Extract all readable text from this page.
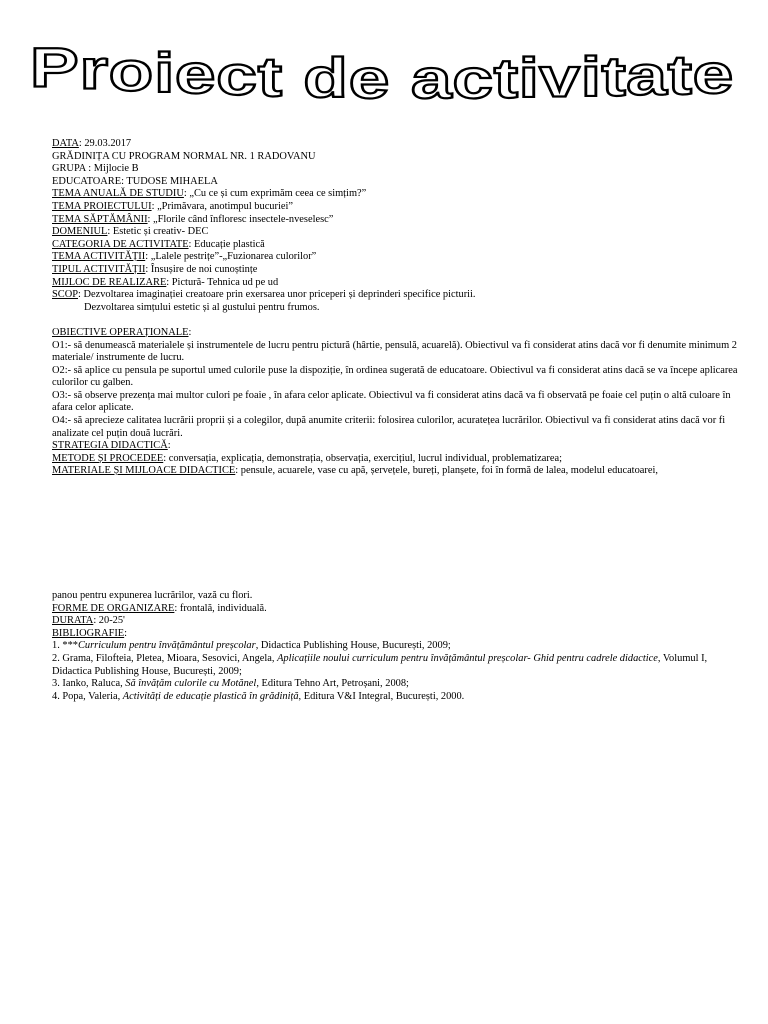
Proiect de activitate
DATA: 29.03.2017
GRĂDINIȚA CU PROGRAM NORMAL NR. 1 RADOVANU
GRUPA : Mijlocie B
EDUCATOARE: TUDOSE MIHAELA
TEMA ANUALĂ DE STUDIU: „Cu ce și cum exprimăm ceea ce simțim?”
TEMA PROIECTULUI: „Primăvara, anotimpul bucuriei”
TEMA SĂPTĂMÂNII: „Florile când înfloresc insectele-nveselesc”
DOMENIUL: Estetic și creativ- DEC
CATEGORIA DE ACTIVITATE: Educație plastică
TEMA ACTIVITĂȚII: „Lalele pestrițe”-„Fuzionarea culorilor”
TIPUL ACTIVITĂȚII: Însușire de noi cunoștințe
MIJLOC DE REALIZARE: Pictură- Tehnica ud pe ud
SCOP: Dezvoltarea imaginației creatoare prin exersarea unor priceperi și deprinderi specifice picturii.
Dezvoltarea simțului estetic și al gustului pentru frumos.
OBIECTIVE OPERAȚIONALE:
O1:- să denumească materialele și instrumentele de lucru pentru pictură (hârtie, pensulă, acuarelă). Obiectivul va fi considerat atins dacă vor fi denumite minimum 2 materiale/ instrumente de lucru.
O2:- să aplice cu pensula pe suportul umed culorile puse la dispoziție, în ordinea sugerată de educatoare. Obiectivul va fi considerat atins dacă se va începe aplicarea culorilor cu galben.
O3:- să observe prezența mai multor culori pe foaie , în afara celor aplicate. Obiectivul va fi considerat atins dacă va fi observată pe foaie cel puțin o altă culoare în afara celor aplicate.
O4:- să aprecieze calitatea lucrării proprii și a colegilor, după anumite criterii: folosirea culorilor, acuratețea lucrărilor. Obiectivul va fi considerat atins dacă vor fi analizate cel puțin două lucrări.
STRATEGIA DIDACTICĂ:
METODE ȘI PROCEDEE: conversația, explicația, demonstrația, observația, exercițiul, lucrul individual, problematizarea;
MATERIALE ȘI MIJLOACE DIDACTICE: pensule, acuarele, vase cu apă, șervețele, bureți, planșete, foi în formă de lalea, modelul educatoarei,
panou pentru expunerea lucrărilor, vază cu flori.
FORME DE ORGANIZARE: frontală, individuală.
DURATA: 20-25'
BIBLIOGRAFIE:
1. ***Curriculum pentru învățământul preșcolar, Didactica Publishing House, București, 2009;
2. Grama, Filofteia, Pletea, Mioara, Sesovici, Angela, Aplicațiile noului curriculum pentru învățământul preșcolar- Ghid pentru cadrele didactice, Volumul I, Didactica Publishing House, București, 2009;
3. Ianko, Raluca, Să învățăm culorile cu Motănel, Editura Tehno Art, Petroșani, 2008;
4. Popa, Valeria, Activități de educație plastică în grădiniță, Editura V&I Integral, București, 2000.
